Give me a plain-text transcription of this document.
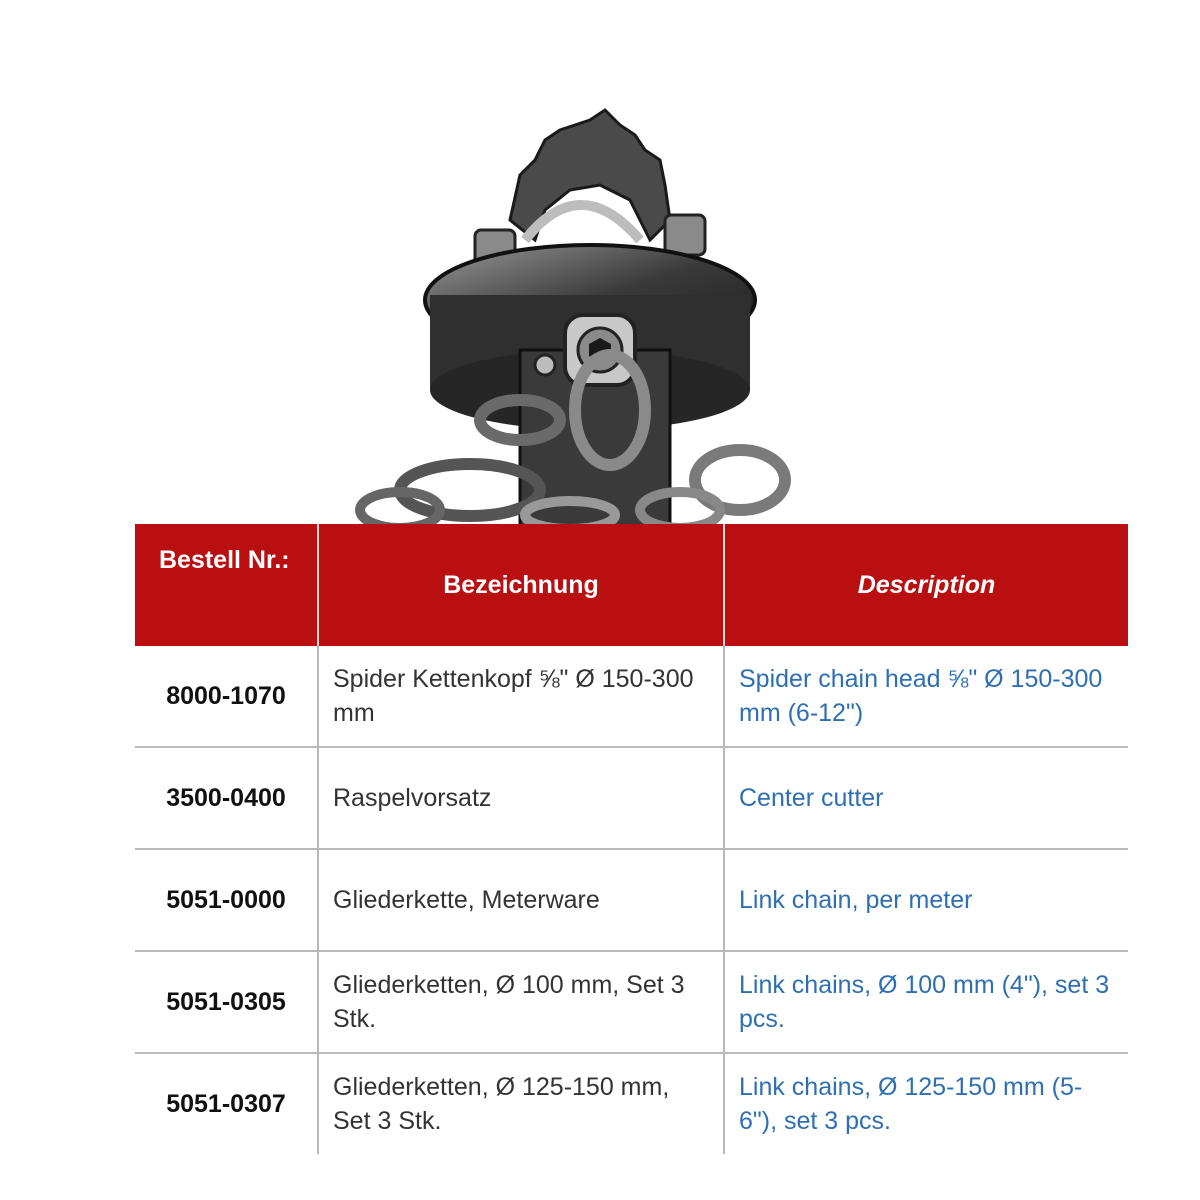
Bestell Nr.:	Bezeichnung	Description
8000-1070	Spider Kettenkopf ⅝" Ø 150-300 mm	Spider chain head ⅝" Ø 150-300 mm (6-12")
3500-0400	Raspelvorsatz	Center cutter
5051-0000	Gliederkette, Meterware	Link chain, per meter
5051-0305	Gliederketten, Ø 100 mm, Set 3 Stk.	Link chains, Ø 100 mm (4"), set 3 pcs.
5051-0307	Gliederketten, Ø 125-150 mm, Set 3 Stk.	Link chains, Ø 125-150 mm (5-6"), set 3 pcs.
